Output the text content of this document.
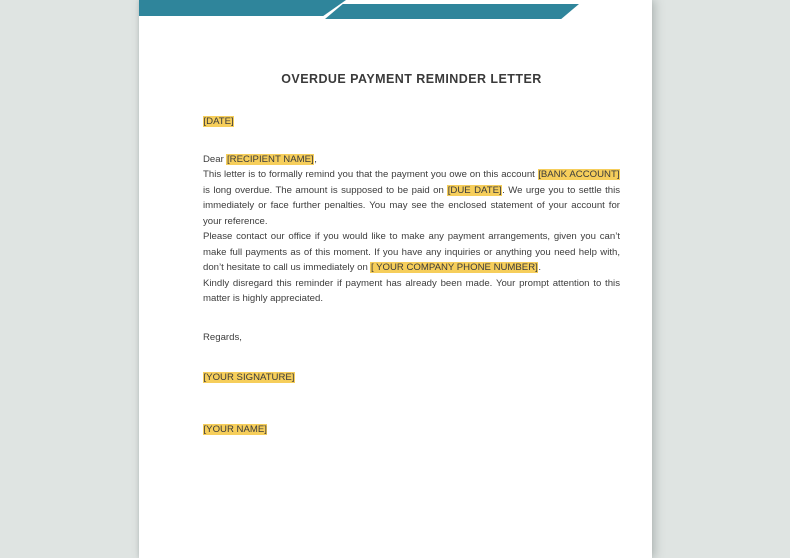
OVERDUE PAYMENT REMINDER LETTER
[DATE]
Dear [RECIPIENT NAME],

This letter is to formally remind you that the payment you owe on this account [BANK ACCOUNT] is long overdue. The amount is supposed to be paid on [DUE DATE]. We urge you to settle this immediately or face further penalties. You may see the enclosed statement of your account for your reference.

Please contact our office if you would like to make any payment arrangements, given you can’t make full payments as of this moment. If you have any inquiries or anything you need help with, don’t hesitate to call us immediately on [ YOUR COMPANY PHONE NUMBER].

Kindly disregard this reminder if payment has already been made. Your prompt attention to this matter is highly appreciated.

Regards,
[YOUR SIGNATURE]
[YOUR NAME]
